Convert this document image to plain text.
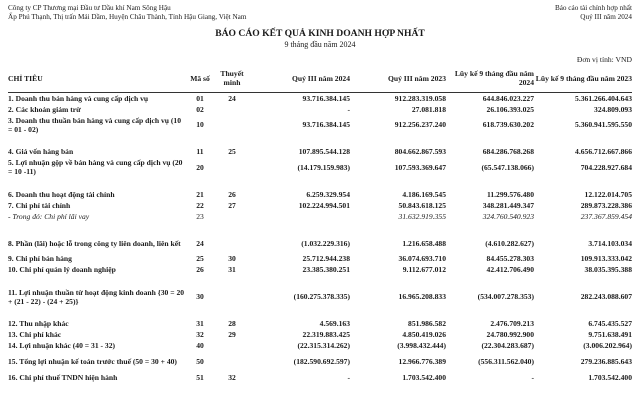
Công ty CP Thương mại Đầu tư Dầu khí Nam Sông Hậu
Ấp Phú Thạnh, Thị trấn Mái Dầm, Huyện Châu Thành, Tỉnh Hậu Giang, Việt Nam
Báo cáo tài chính hợp nhất
Quý III năm 2024
BÁO CÁO KẾT QUẢ KINH DOANH HỢP NHẤT
9 tháng đầu năm 2024
Đơn vị tính: VND
CHỈ TIÊU	Mã số	Thuyết minh	Quý III năm 2024	Quý III năm 2023	Lũy kế 9 tháng đầu năm 2024	Lũy kế 9 tháng đầu năm 2023
1. Doanh thu bán hàng và cung cấp dịch vụ	01	24	93.716.384.145	912.283.319.058	644.846.023.227	5.361.266.404.643
2. Các khoản giảm trừ	02		-	27.081.818	26.106.393.025	324.809.093
3. Doanh thu thuần bán hàng và cung cấp dịch vụ (10 = 01 - 02)	10		93.716.384.145	912.256.237.240	618.739.630.202	5.360.941.595.550

4. Giá vốn hàng bán	11	25	107.895.544.128	804.662.867.593	684.286.768.268	4.656.712.667.866
5. Lợi nhuận gộp về bán hàng và cung cấp dịch vụ (20 = 10 -11)	20		(14.179.159.983)	107.593.369.647	(65.547.138.066)	704.228.927.684

6. Doanh thu hoạt động tài chính	21	26	6.259.329.954	4.186.169.545	11.299.576.480	12.122.014.705
7. Chi phí tài chính	22	27	102.224.994.501	50.843.618.125	348.281.449.347	289.873.228.386
- Trong đó: Chi phí lãi vay	23			31.632.919.355	324.760.540.923	237.367.859.454

8. Phần (lãi) hoặc lỗ trong công ty liên doanh, liên kết	24		(1.032.229.316)	1.216.658.488	(4.610.282.627)	3.714.103.034
9. Chi phí bán hàng	25	30	25.712.944.238	36.074.693.710	84.455.278.303	109.913.333.042
10. Chi phí quản lý doanh nghiệp	26	31	23.385.380.251	9.112.677.012	42.412.706.490	38.035.395.388

11. Lợi nhuận thuần từ hoạt động kinh doanh {30 = 20 + (21 - 22) - (24 + 25)}	30		(160.275.378.335)	16.965.208.833	(534.007.278.353)	282.243.088.607

12. Thu nhập khác	31	28	4.569.163	851.986.582	2.476.709.213	6.745.435.527
13. Chi phí khác	32	29	22.319.883.425	4.850.419.026	24.780.992.900	9.751.638.491
14. Lợi nhuận khác (40 = 31 - 32)	40		(22.315.314.262)	(3.998.432.444)	(22.304.283.687)	(3.006.202.964)
15. Tổng lợi nhuận kế toán trước thuế (50 = 30 + 40)	50		(182.590.692.597)	12.966.776.389	(556.311.562.040)	279.236.885.643
16. Chi phí thuế TNDN hiện hành	51	32	-	1.703.542.400	-	1.703.542.400
